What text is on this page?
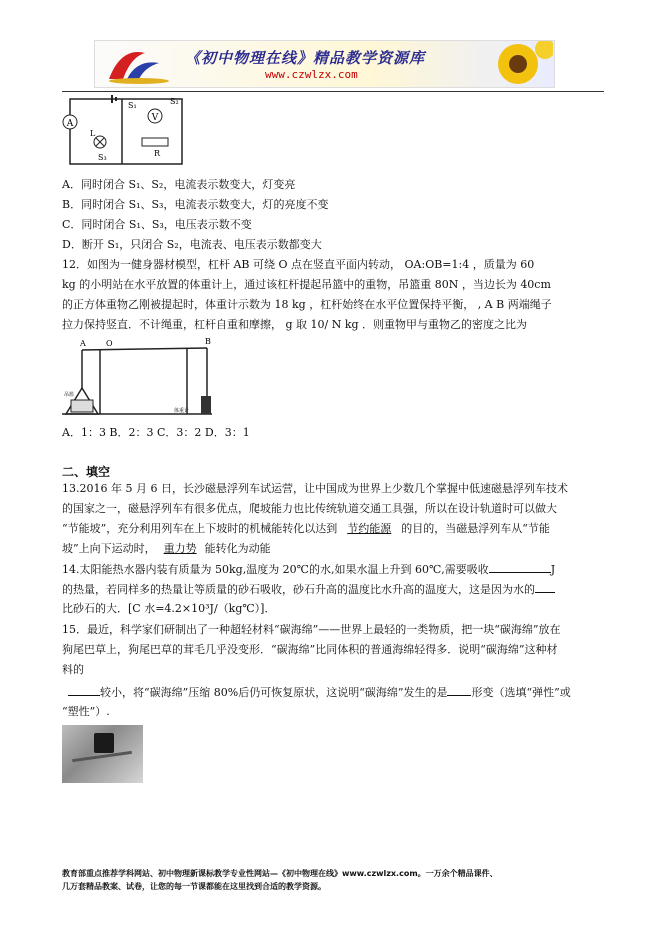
《初中物理在线》精品教学资源库
www.czwlzx.com
A
V
S₁	S₂
L
R
S₃
A．同时闭合 S₁、S₂，电流表示数变大，灯变亮
B．同时闭合 S₁、S₃，电流表示数变大，灯的亮度不变
C．同时闭合 S₁、S₃，电压表示数不变
D．断开 S₁，只闭合 S₂，电流表、电压表示数都变大
12．如图为一健身器材模型，杠杆 AB 可绕 O 点在竖直平面内转动， OA:OB=1:4 ，质量为 60
kg 的小明站在水平放置的体重计上，通过该杠杆提起吊篮中的重物，吊篮重 80N ，当边长为 40cm
的正方体重物乙刚被提起时，体重计示数为 18 kg ，杠杆始终在水平位置保持平衡， , A B 两端绳子
拉力保持竖直．不计绳重，杠杆自重和摩擦， g 取 10/ N kg ．则重物甲与重物乙的密度之比为
A	O	B
吊篮
体重计
A．1：3 B．2：3 C．3：2 D．3：1
二、填空
13.2016 年 5 月 6 日，长沙磁悬浮列车试运营，让中国成为世界上少数几个掌握中低速磁悬浮列车技术
的国家之一，磁悬浮列车有很多优点，爬坡能力也比传统轨道交通工具强，所以在设计轨道时可以做大
“节能坡”，充分利用列车在上下坡时的机械能转化以达到 节约能源 的目的，当磁悬浮列车从“节能
坡”上向下运动时， 重力势 能转化为动能
14.太阳能热水器内装有质量为 50kg,温度为 20℃的水,如果水温上升到 60℃,需要吸收	J
的热量，若同样多的热量让等质量的砂石吸收，砂石升高的温度比水升高的温度大，这是因为水的
比砂石的大．[C 水=4.2×10³J/（kg℃）]．
15．最近，科学家们研制出了一种超轻材料“碳海绵”——世界上最轻的一类物质，把一块“碳海绵”放在
狗尾巴草上，狗尾巴草的茸毛几乎没变形．“碳海绵”比同体积的普通海绵轻得多．说明“碳海绵”这种材
料的
较小，将“碳海绵”压缩 80%后仍可恢复原状，这说明“碳海绵”发生的是 形变（选填“弹性”或
“塑性”）.
教育部重点推荐学科网站、初中物理新课标教学专业性网站—《初中物理在线》www.czwlzx.com。一万余个精品课件、
几万套精品教案、试卷，让您的每一节课都能在这里找到合适的教学资源。
